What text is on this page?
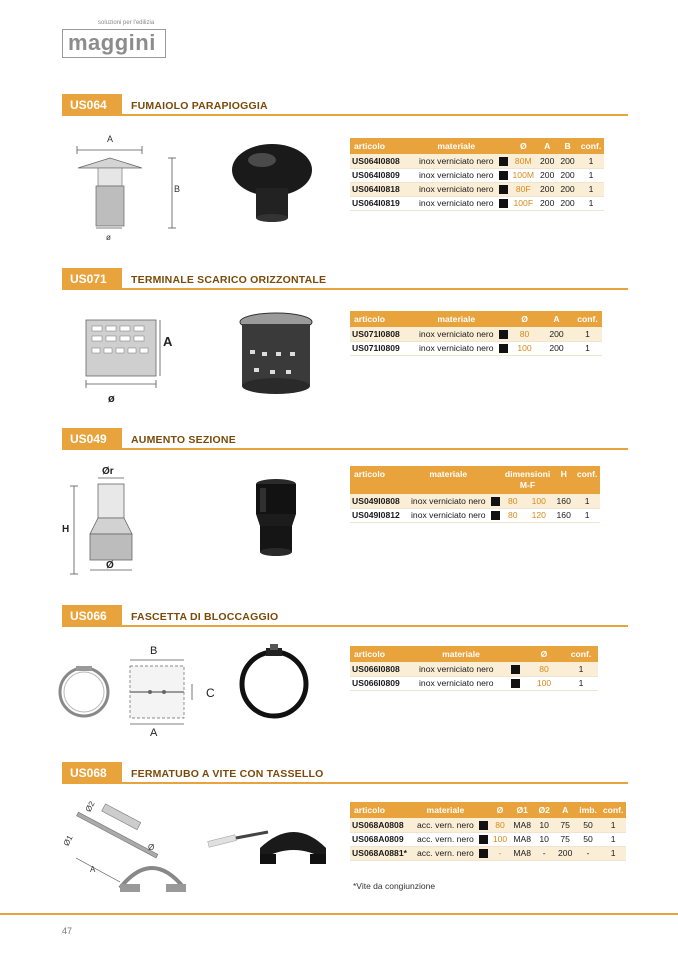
soluzioni per l'edilizia
maggini
US064	FUMAIOLO PARAPIOGGIA
A
B
ø
articolo	materiale		Ø	A	B	conf.
US064I0808	inox verniciato nero		80M	200	200	1
US064I0809	inox verniciato nero		100M	200	200	1
US064I0818	inox verniciato nero		80F	200	200	1
US064I0819	inox verniciato nero		100F	200	200	1
US071	TERMINALE SCARICO ORIZZONTALE
A
ø
articolo	materiale		Ø	A	conf.
US071I0808	inox verniciato nero		80	200	1
US071I0809	inox verniciato nero		100	200	1
US049	AUMENTO SEZIONE
Ør
H
Ø
articolo	materiale		dimensioni M-F		H	conf.
US049I0808	inox verniciato nero		80	100	160	1
US049I0812	inox verniciato nero		80	120	160	1
US066	FASCETTA DI BLOCCAGGIO
B
C
A
articolo	materiale		Ø	conf.
US066I0808	inox verniciato nero		80	1
US066I0809	inox verniciato nero		100	1
US068	FERMATUBO A VITE CON TASSELLO
Ø2
Ø1
A
Ø
articolo	materiale		Ø	Ø1	Ø2	A	imb.	conf.
US068A0808	acc. vern. nero		80	MA8	10	75	50	1
US068A0809	acc. vern. nero		100	MA8	10	75	50	1
US068A0881*	acc. vern. nero		-	MA8	-	200	-	1
*Vite da congiunzione
47
